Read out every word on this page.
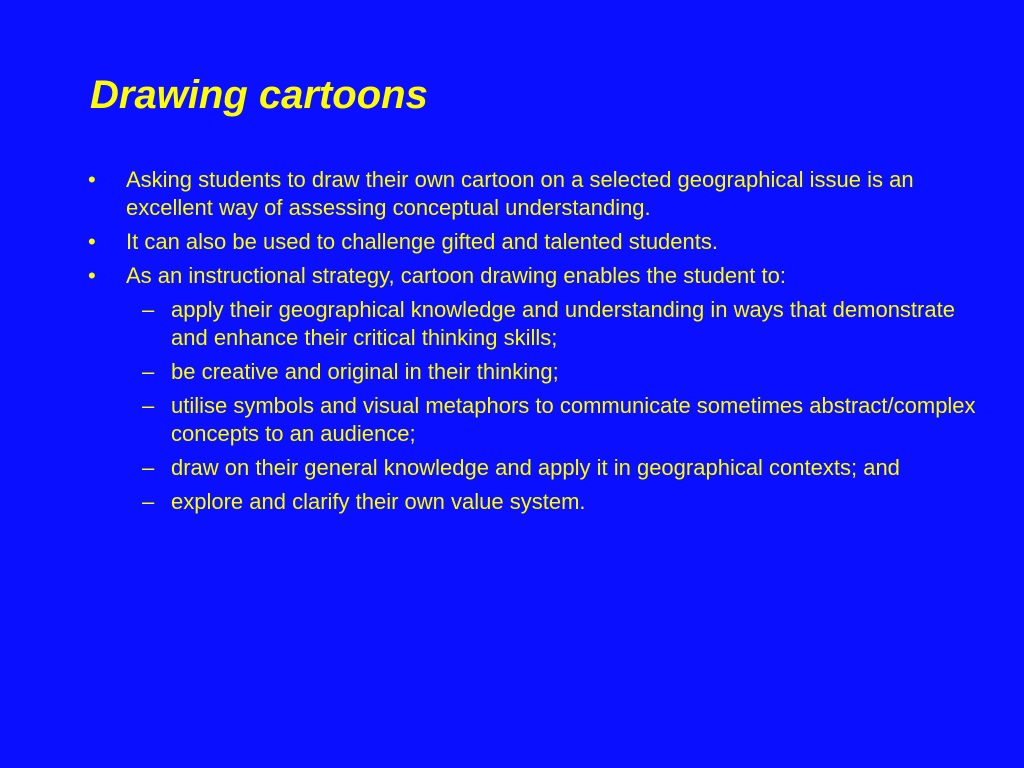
Drawing cartoons
• Asking students to draw their own cartoon on a selected geographical issue is an excellent way of assessing conceptual understanding.
• It can also be used to challenge gifted and talented students.
• As an instructional strategy, cartoon drawing enables the student to:
– apply their geographical knowledge and understanding in ways that demonstrate and enhance their critical thinking skills;
– be creative and original in their thinking;
– utilise symbols and visual metaphors to communicate sometimes abstract/complex concepts to an audience;
– draw on their general knowledge and apply it in geographical contexts; and
– explore and clarify their own value system.
